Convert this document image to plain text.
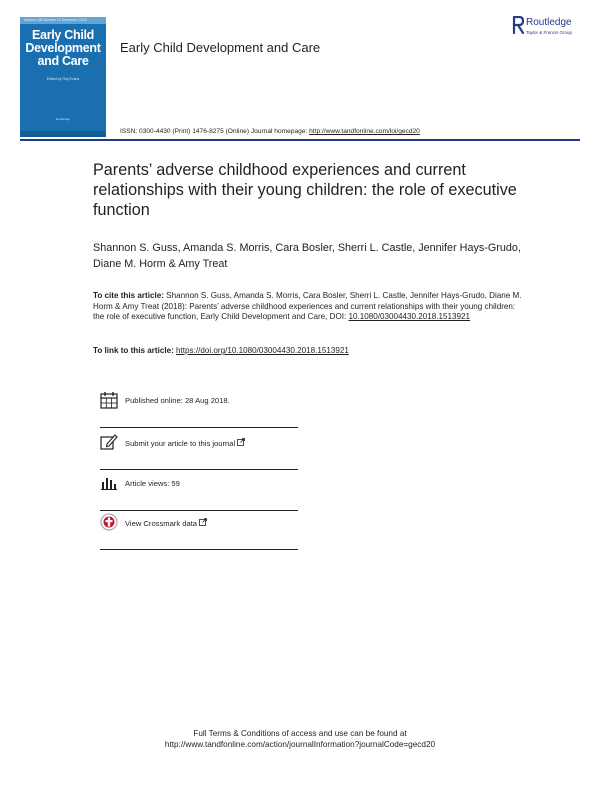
Volume 188 Number 12 December 2018
Early Child
Development
and Care
Edited by Roy Evans
Routledge
Early Child Development and Care
Routledge
Taylor & Francis Group
ISSN: 0300-4430 (Print) 1476-8275 (Online) Journal homepage: http://www.tandfonline.com/loi/gecd20
Parents’ adverse childhood experiences and current relationships with their young children: the role of executive function
Shannon S. Guss, Amanda S. Morris, Cara Bosler, Sherri L. Castle, Jennifer Hays-Grudo, Diane M. Horm & Amy Treat
To cite this article: Shannon S. Guss, Amanda S. Morris, Cara Bosler, Sherri L. Castle, Jennifer Hays-Grudo, Diane M. Horm & Amy Treat (2018): Parents’ adverse childhood experiences and current relationships with their young children: the role of executive function, Early Child Development and Care, DOI: 10.1080/03004430.2018.1513921
To link to this article: https://doi.org/10.1080/03004430.2018.1513921
Published online: 28 Aug 2018.
Submit your article to this journal
Article views: 59
View Crossmark data
Full Terms & Conditions of access and use can be found at
http://www.tandfonline.com/action/journalInformation?journalCode=gecd20
